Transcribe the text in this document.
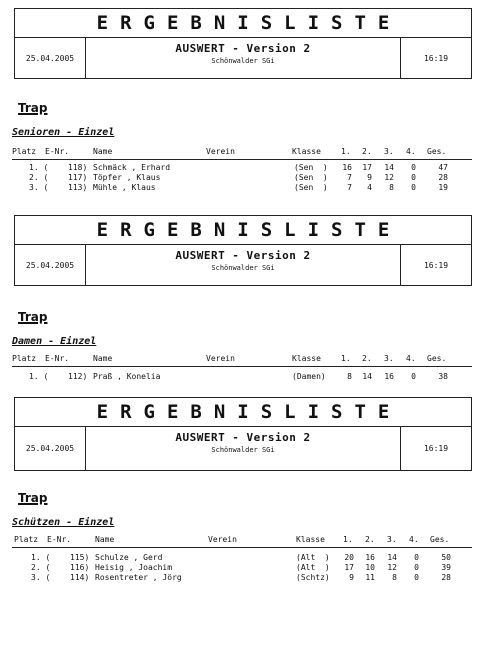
ERGEBNISLISTE
25.04.2005
AUSWERT - Version 2
Schönwalder SGi	16:19
Trap
Senioren - Einzel
Platz E-Nr.	Name	Verein	Klasse	1. 2. 3. 4. Ges.
1. ( 118) Schmäck , Erhard	(Sen  )	16	17	14	0	47
2. ( 117) Töpfer , Klaus	(Sen  )	7	9	12	0	28
3. ( 113) Mühle , Klaus	(Sen  )	7	4	8	0	19
ERGEBNISLISTE
25.04.2005
AUSWERT - Version 2
Schönwalder SGi	16:19
Trap
Damen - Einzel
Platz E-Nr.	Name	Verein	Klasse	1. 2. 3. 4. Ges.
1. ( 112) Praß , Konelia	(Damen)	8	14	16	0	38
ERGEBNISLISTE
25.04.2005
AUSWERT - Version 2
Schönwalder SGi	16:19
Trap
Schützen - Einzel
Platz E-Nr.	Name	Verein	Klasse 1. 2. 3. 4. Ges.
1. ( 115) Schulze , Gerd	(Alt  )	20	16	14	0	50
2. ( 116) Heisig , Joachim	(Alt  )	17	10	12	0	39
3. ( 114) Rosentreter , Jörg	(Schtz)	9	11	8	0	28
